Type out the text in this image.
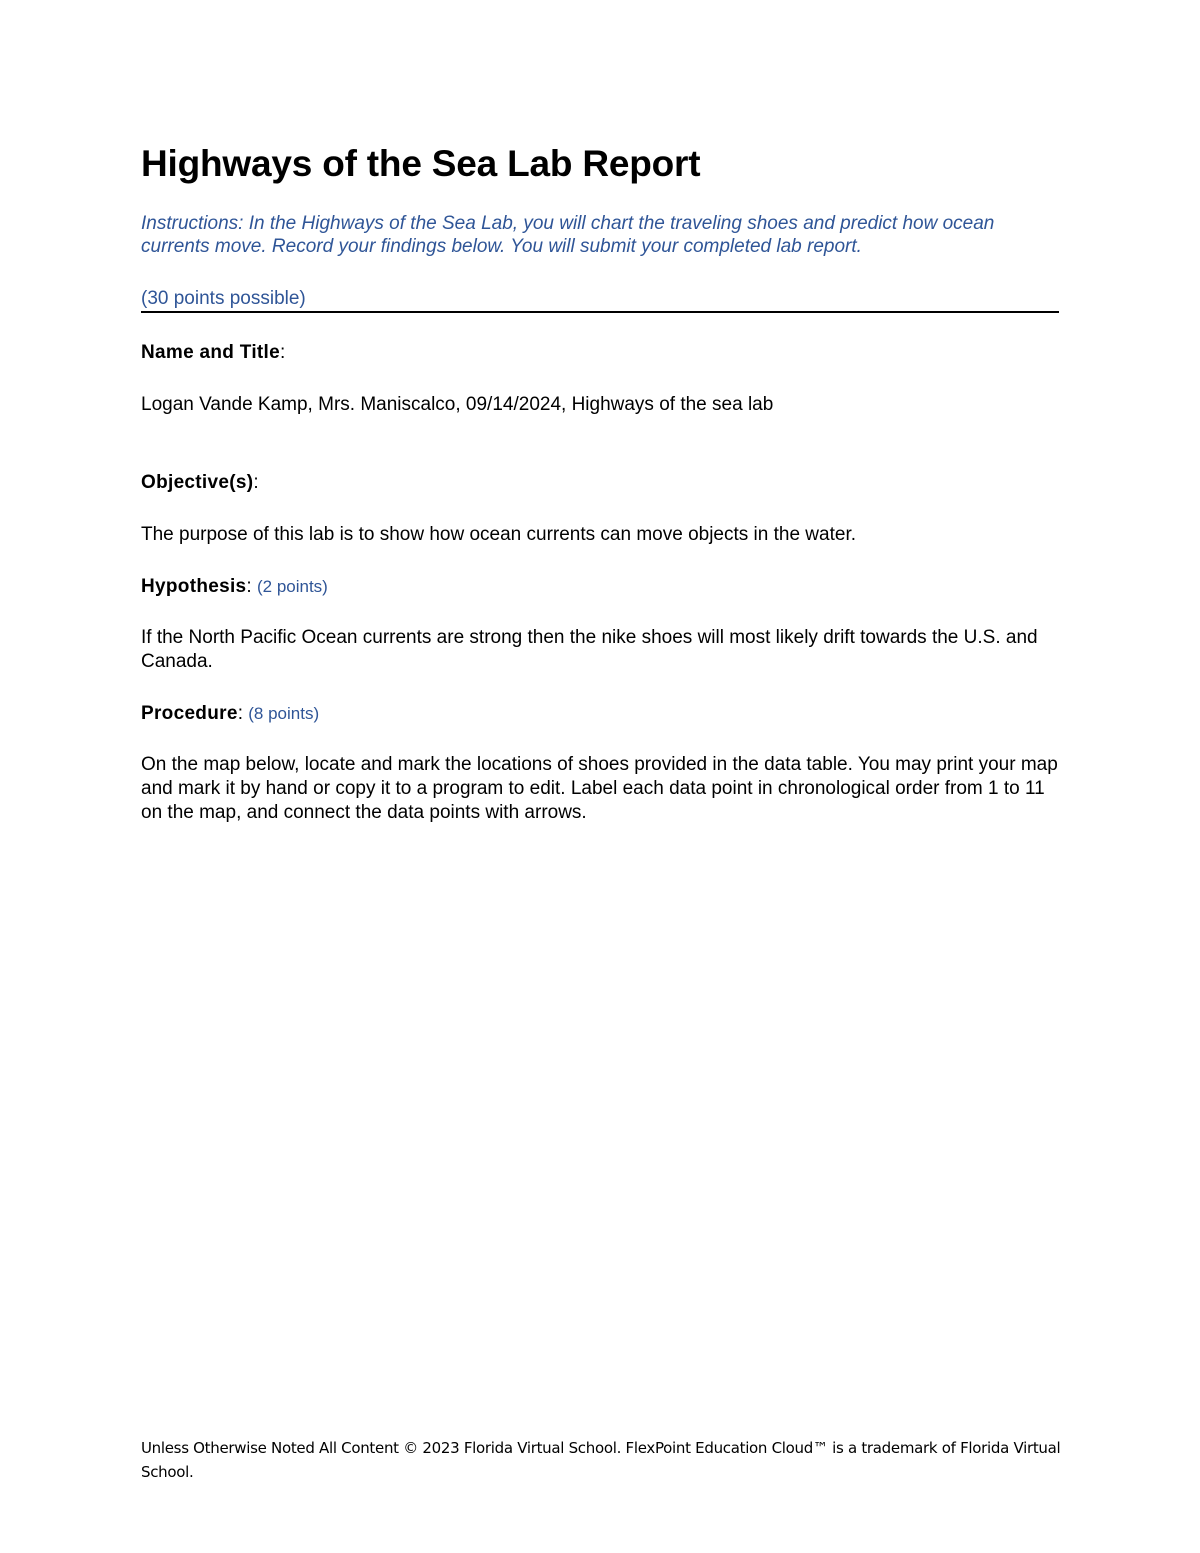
Highways of the Sea Lab Report
Instructions: In the Highways of the Sea Lab, you will chart the traveling shoes and predict how ocean currents move. Record your findings below. You will submit your completed lab report.
(30 points possible)

Name and Title:

Logan Vande Kamp, Mrs. Maniscalco, 09/14/2024, Highways of the sea lab

Objective(s):

The purpose of this lab is to show how ocean currents can move objects in the water.

Hypothesis: (2 points)

If the North Pacific Ocean currents are strong then the nike shoes will most likely drift towards the U.S. and Canada.

Procedure: (8 points)

On the map below, locate and mark the locations of shoes provided in the data table. You may print your map and mark it by hand or copy it to a program to edit. Label each data point in chronological order from 1 to 11 on the map, and connect the data points with arrows.

Unless Otherwise Noted All Content © 2023 Florida Virtual School. FlexPoint Education Cloud™ is a trademark of Florida Virtual School.
